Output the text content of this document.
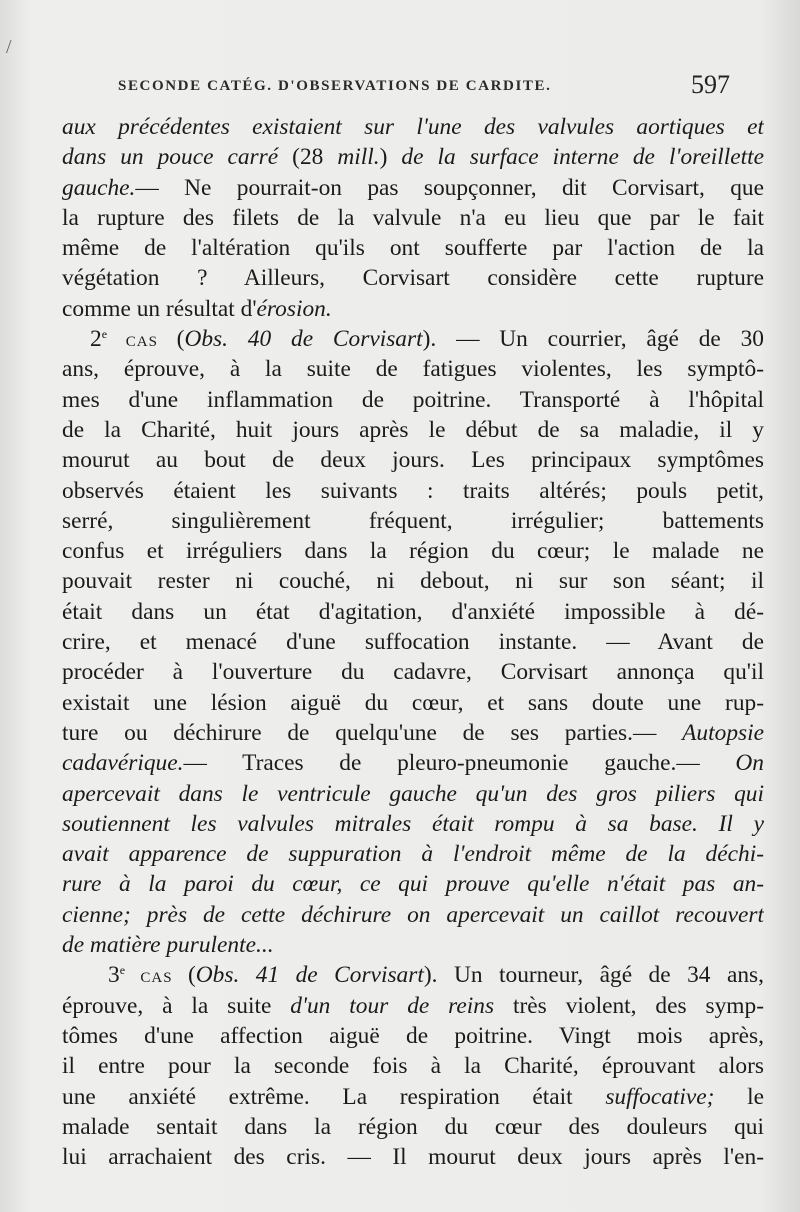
/
SECONDE CATÉG. D'OBSERVATIONS DE CARDITE.	597
aux précédentes existaient sur l'une des valvules aortiques et
dans un pouce carré (28 mill.) de la surface interne de l'oreillette
gauche.— Ne pourrait-on pas soupçonner, dit Corvisart, que
la rupture des filets de la valvule n'a eu lieu que par le fait
même de l'altération qu'ils ont soufferte par l'action de la
végétation ? Ailleurs, Corvisart considère cette rupture
comme un résultat d'érosion.
2e CAS (Obs. 40 de Corvisart). — Un courrier, âgé de 30
ans, éprouve, à la suite de fatigues violentes, les symptô-
mes d'une inflammation de poitrine. Transporté à l'hôpital
de la Charité, huit jours après le début de sa maladie, il y
mourut au bout de deux jours. Les principaux symptômes
observés étaient les suivants : traits altérés; pouls petit,
serré, singulièrement fréquent, irrégulier; battements
confus et irréguliers dans la région du cœur; le malade ne
pouvait rester ni couché, ni debout, ni sur son séant; il
était dans un état d'agitation, d'anxiété impossible à dé-
crire, et menacé d'une suffocation instante. — Avant de
procéder à l'ouverture du cadavre, Corvisart annonça qu'il
existait une lésion aiguë du cœur, et sans doute une rup-
ture ou déchirure de quelqu'une de ses parties.— Autopsie
cadavérique.— Traces de pleuro-pneumonie gauche.— On
apercevait dans le ventricule gauche qu'un des gros piliers qui
soutiennent les valvules mitrales était rompu à sa base. Il y
avait apparence de suppuration à l'endroit même de la déchi-
rure à la paroi du cœur, ce qui prouve qu'elle n'était pas an-
cienne; près de cette déchirure on apercevait un caillot recouvert
de matière purulente...
3e CAS (Obs. 41 de Corvisart). Un tourneur, âgé de 34 ans,
éprouve, à la suite d'un tour de reins très violent, des symp-
tômes d'une affection aiguë de poitrine. Vingt mois après,
il entre pour la seconde fois à la Charité, éprouvant alors
une anxiété extrême. La respiration était suffocative; le
malade sentait dans la région du cœur des douleurs qui
lui arrachaient des cris. — Il mourut deux jours après l'en-
